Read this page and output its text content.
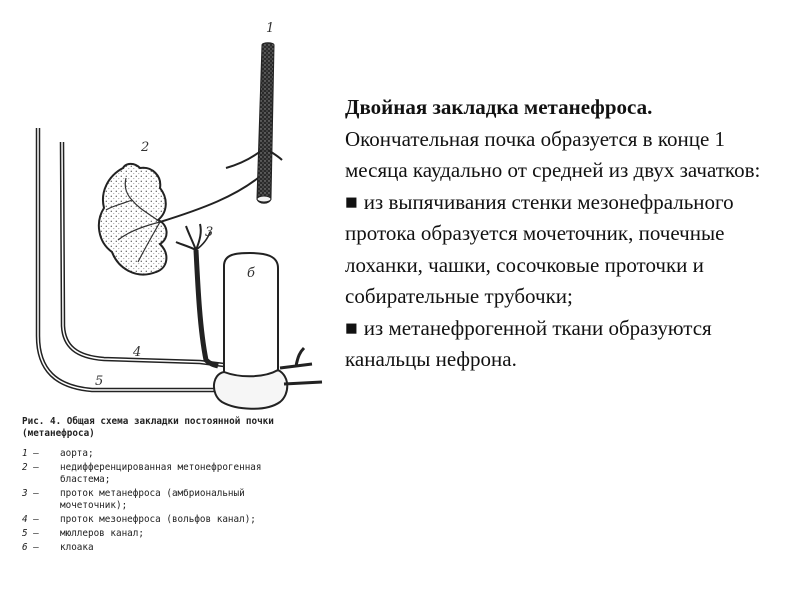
1
2
3
б
4
5
Рис. 4. Общая схема закладки постоянной почки (метанефроса)
1 —	аорта;
2 —	недифференцированная метонефрогенная бластема;
3 —	проток метанефроса (амбриональный мочеточник);
4 —	проток мезонефроса (вольфов канал);
5 —	мюллеров канал;
6 —	клоака

Двойная закладка метанефроса.

Окончательная почка образуется в конце 1 месяца каудально от средней из двух зачатков:

■ из выпячивания стенки мезонефрального протока образуется мочеточник, почечные лоханки, чашки, сосочковые проточки и собирательные трубочки;

■ из метанефрогенной ткани образуются канальцы нефрона.
